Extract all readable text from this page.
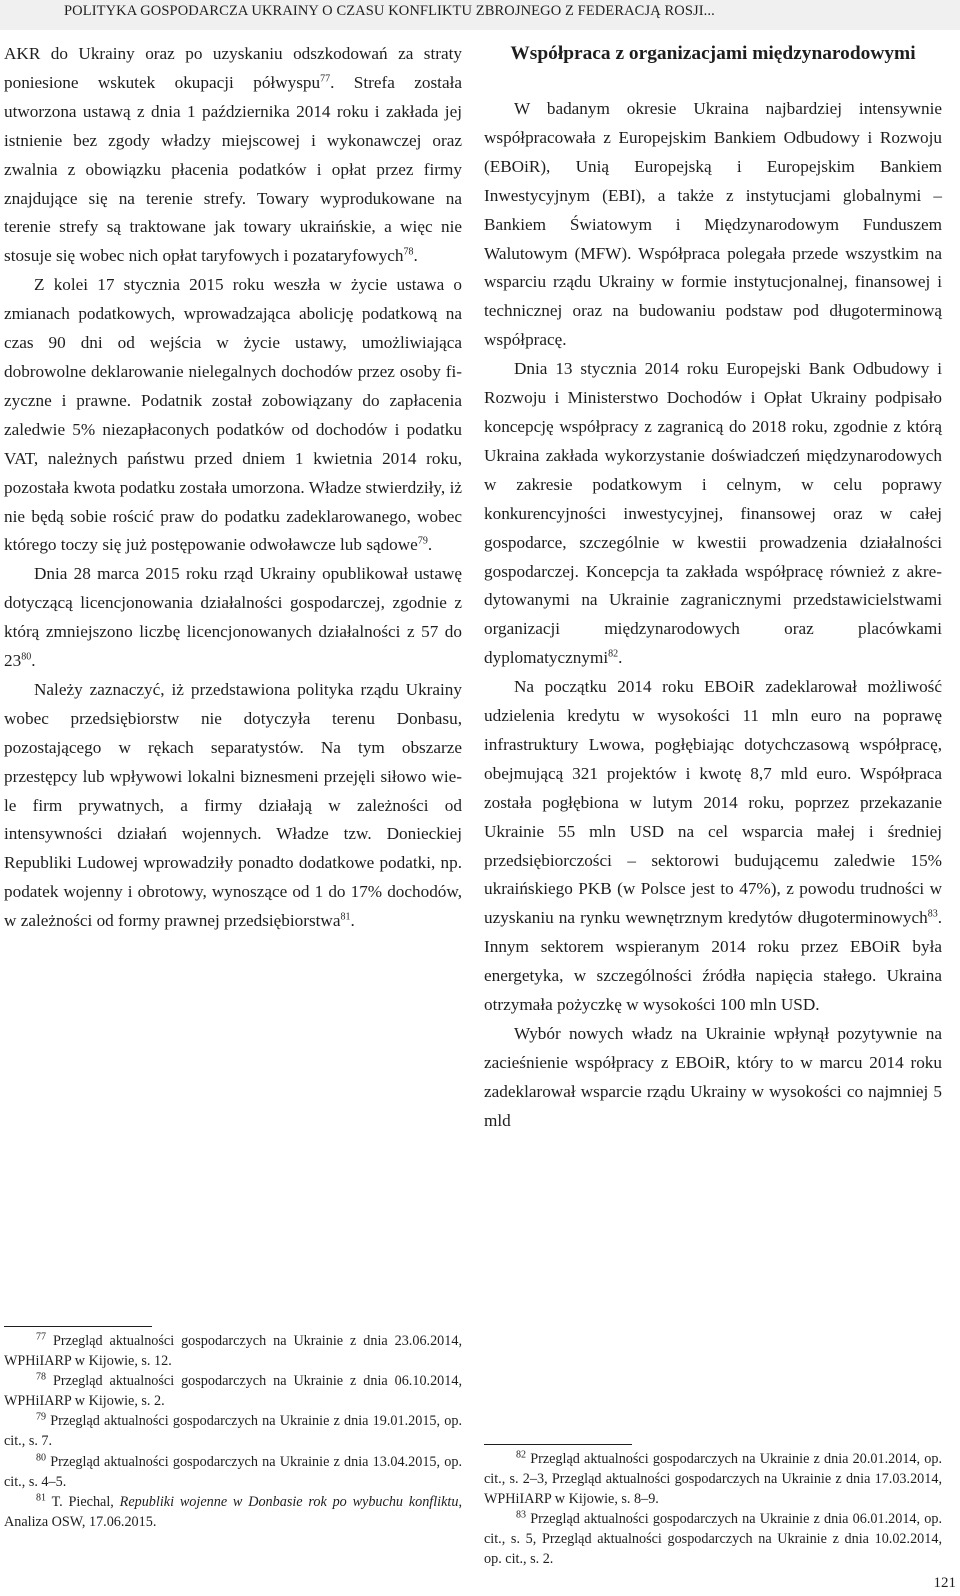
POLITYKA GOSPODARCZA UKRAINY O CZASU KONFLIKTU ZBROJNEGO Z FEDERACJĄ ROSJI...

AKR do Ukrainy oraz po uzyskaniu odszkodowań za straty poniesione wskutek okupacji półwyspu$^{77}$. Strefa została utworzona ustawą z dnia 1 października 2014 roku i zakłada jej istnienie bez zgody władzy miejscowej i wykonawczej oraz zwalnia z obowiązku płacenia podatków i opłat przez firmy znajdujące się na terenie strefy. Towary wyprodukowane na terenie strefy są traktowane jak towary ukraińskie, a więc nie stosuje się wobec nich opłat taryfowych i pozataryfowych$^{78}$.

Z kolei 17 stycznia 2015 roku weszła w życie ustawa o zmianach podatkowych, wprowadzająca abolicję podatkową na czas 90 dni od wejścia w życie ustawy, umożliwiająca dobrowolne deklarowanie nielegalnych dochodów przez osoby fizyczne i prawne. Podatnik został zobowiązany do zapłacenia zaledwie 5% niezapłaconych podatków od dochodów i podatku VAT, należnych państwu przed dniem 1 kwietnia 2014 roku, pozostała kwota podatku została umorzona. Władze stwierdziły, iż nie będą sobie rościć praw do podatku zadeklarowanego, wobec którego toczy się już postępowanie odwoławcze lub sądowe$^{79}$.

Dnia 28 marca 2015 roku rząd Ukrainy opublikował ustawę dotyczącą licencjonowania działalności gospodarczej, zgodnie z którą zmniejszono liczbę licencjonowanych działalności z 57 do $23^{80}$.

Należy zaznaczyć, iż przedstawiona polityka rządu Ukrainy wobec przedsiębiorstw nie dotyczyła terenu Donbasu, pozostającego w rękach separatystów. Na tym obszarze przestępcy lub wpływowi lokalni biznesmeni przejęli siłowo wiele firm prywatnych, a firmy działają w zależności od intensywności działań wojennych. Władze tzw. Donieckiej Republiki Ludowej wprowadziły ponadto dodatkowe podatki, np. podatek wojenny i obrotowy, wynoszące od 1 do 17% dochodów, w zależności od formy prawnej przedsiębiorstwa$^{81}$.

$^{77}$ Przegląd aktualności gospodarczych na Ukrainie z dnia 23.06.2014, WPHiIARP w Kijowie, s. 12.

$^{78}$ Przegląd aktualności gospodarczych na Ukrainie z dnia 06.10.2014, WPHiIARP w Kijowie, s. 2.

$^{79}$ Przegląd aktualności gospodarczych na Ukrainie z dnia 19.01.2015, op. cit., s. 7.

$^{80}$ Przegląd aktualności gospodarczych na Ukrainie z dnia 13.04.2015, op. cit., s. 4–5.

$^{81}$ T. Piechal, Republiki wojenne w Donbasie rok po wybuchu konfliktu, Analiza OSW, 17.06.2015.

Współpraca z organizacjami międzynarodowymi

W badanym okresie Ukraina najbardziej intensywnie współpracowała z Europejskim Bankiem Odbudowy i Rozwoju (EBOiR), Unią Europejską i Europejskim Bankiem Inwestycyjnym (EBI), a także z instytucjami globalnymi – Bankiem Światowym i Międzynarodowym Funduszem Walutowym (MFW). Współpraca polegała przede wszystkim na wsparciu rządu Ukrainy w formie instytucjonalnej, finansowej i technicznej oraz na budowaniu podstaw pod długoterminową współpracę.

Dnia 13 stycznia 2014 roku Europejski Bank Odbudowy i Rozwoju i Ministerstwo Dochodów i Opłat Ukrainy podpisało koncepcję współpracy z zagranicą do 2018 roku, zgodnie z którą Ukraina zakłada wykorzystanie doświadczeń międzynarodowych w zakresie podatkowym i celnym, w celu poprawy konkurencyjności inwestycyjnej, finansowej oraz w całej gospodarce, szczególnie w kwestii prowadzenia działalności gospodarczej. Koncepcja ta zakłada współpracę również z akredytowanymi na Ukrainie zagranicznymi przedstawicielstwami organizacji międzynarodowych oraz placówkami dyplomatycznymi$^{82}$.

Na początku 2014 roku EBOiR zadeklarował możliwość udzielenia kredytu w wysokości 11 mln euro na poprawę infrastruktury Lwowa, pogłębiając dotychczasową współpracę, obejmującą 321 projektów i kwotę 8,7 mld euro. Współpraca została pogłębiona w lutym 2014 roku, poprzez przekazanie Ukrainie 55 mln USD na cel wsparcia małej i średniej przedsiębiorczości – sektorowi budującemu zaledwie 15% ukraińskiego PKB (w Polsce jest to 47%), z powodu trudności w uzyskaniu na rynku wewnętrznym kredytów długoterminowych$^{83}$. Innym sektorem wspieranym 2014 roku przez EBOiR była energetyka, w szczególności źródła napięcia stałego. Ukraina otrzymała pożyczkę w wysokości 100 mln USD.

Wybór nowych władz na Ukrainie wpłynął pozytywnie na zacieśnienie współpracy z EBOiR, który to w marcu 2014 roku zadeklarował wsparcie rządu Ukrainy w wysokości co najmniej 5 mld

$^{82}$ Przegląd aktualności gospodarczych na Ukrainie z dnia 20.01.2014, op. cit., s. 2–3, Przegląd aktualności gospodarczych na Ukrainie z dnia 17.03.2014, WPHiIARP w Kijowie, s. 8–9.

$^{83}$ Przegląd aktualności gospodarczych na Ukrainie z dnia 06.01.2014, op. cit., s. 5, Przegląd aktualności gospodarczych na Ukrainie z dnia 10.02.2014, op. cit., s. 2.

121
